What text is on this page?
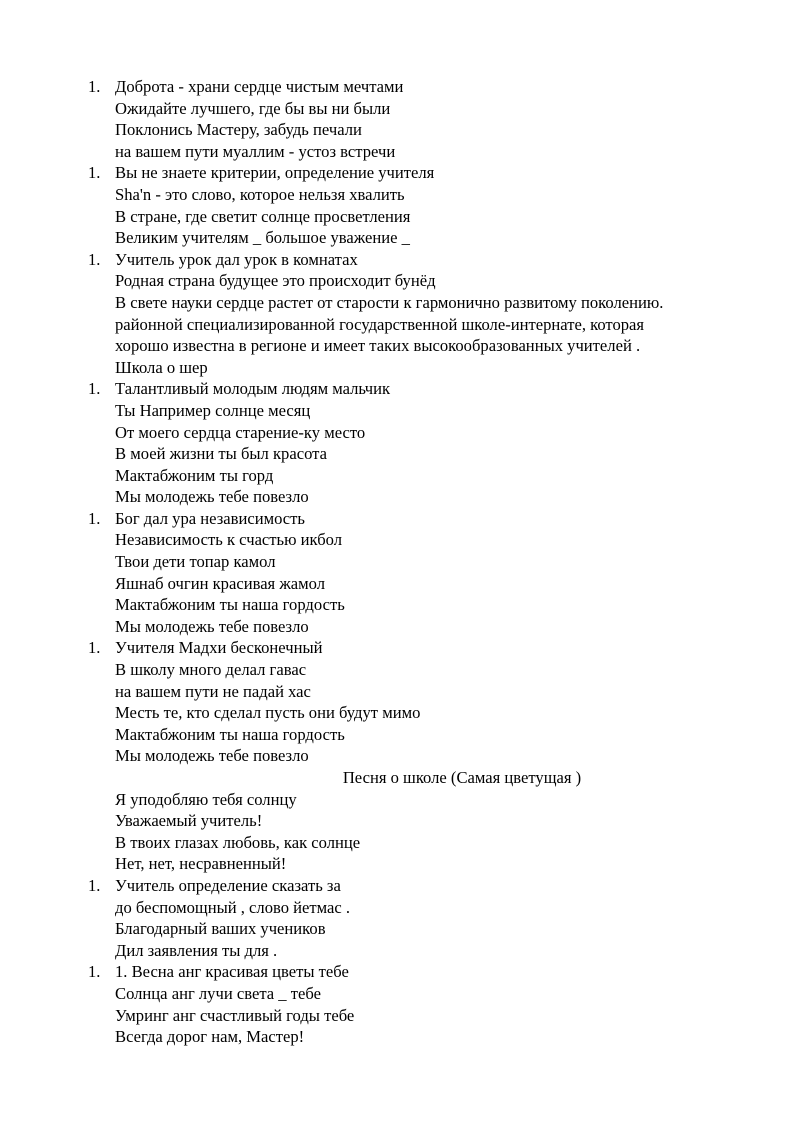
1. Доброта - храни сердце чистым мечтами
Ожидайте лучшего, где бы вы ни были
Поклонись Мастеру, забудь печали
на вашем пути муаллим - устоз встречи
1. Вы не знаете критерии, определение учителя
Sha'n - это слово, которое нельзя хвалить
В стране, где светит солнце просветления
Великим учителям _ большое уважение _
1. Учитель урок дал урок в комнатах
Родная страна будущее это происходит бунёд
В свете науки сердце растет от старости к гармонично развитому поколению.
районной специализированной государственной школе-интернате, которая
хорошо известна в регионе и имеет таких высокообразованных учителей .
Школа о шер
1. Талантливый молодым людям мальчик
Ты Например солнце месяц
От моего сердца старение-ку место
В моей жизни ты был красота
Мактабжоним ты горд
Мы молодежь тебе повезло
1. Бог дал ура независимость
Независимость к счастью икбол
Твои дети топар камол
Яшнаб очгин красивая жамол
Мактабжоним ты наша гордость
Мы молодежь тебе повезло
1. Учителя Мадхи бесконечный
В школу много делал гавас
на вашем пути не падай хас
Месть те, кто сделал пусть они будут мимо
Мактабжоним ты наша гордость
Мы молодежь тебе повезло
Песня о школе (Самая цветущая )
Я уподобляю тебя солнцу
Уважаемый учитель!
В твоих глазах любовь, как солнце
Нет, нет, несравненный!
1. Учитель определение сказать за
до беспомощный , слово йетмас .
Благодарный ваших учеников
Дил заявления ты для .
1. 1. Весна анг красивая цветы тебе
Солнца анг лучи света _ тебе
Умринг анг счастливый годы тебе
Всегда дорог нам, Мастер!
